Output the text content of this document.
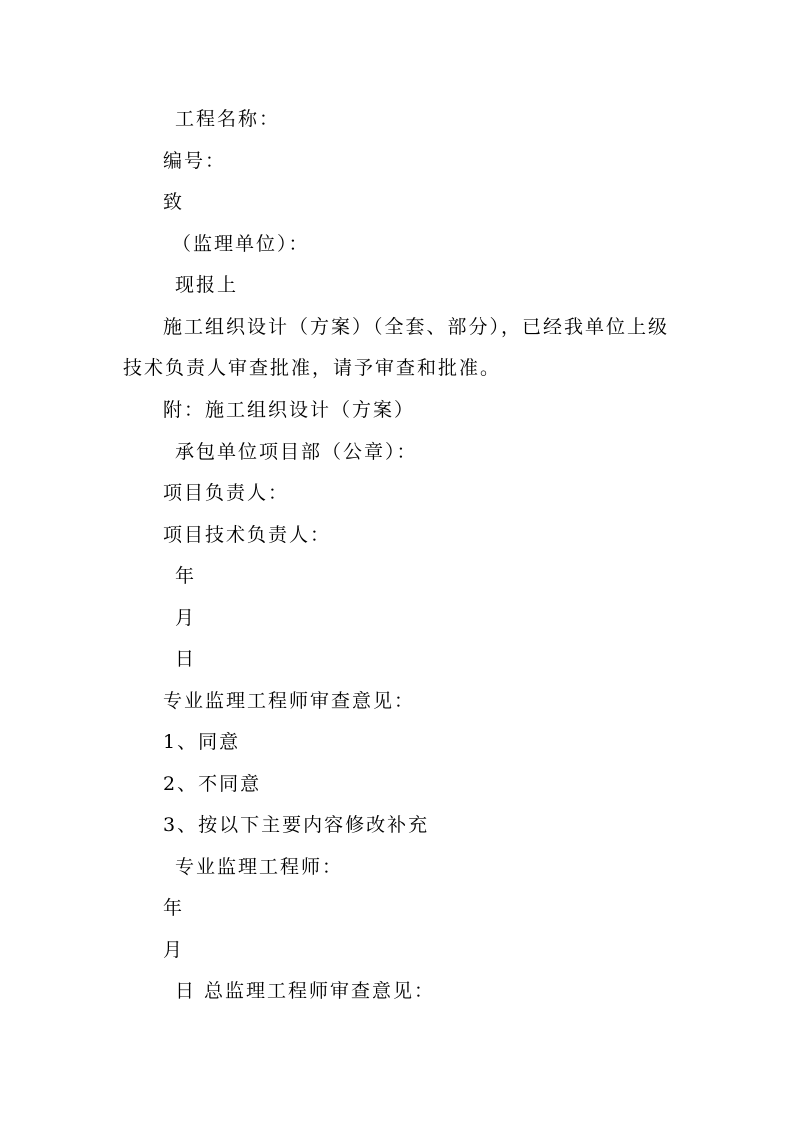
工程名称：
编号：
致
（监理单位）：
现报上
施工组织设计（方案）（全套、部分），已经我单位上级
技术负责人审查批准，请予审查和批准。
附：施工组织设计（方案）
承包单位项目部（公章）：
项目负责人：
项目技术负责人：
年
月
日
专业监理工程师审查意见：
1、同意
2、不同意
3、按以下主要内容修改补充
专业监理工程师：
年
月
日 总监理工程师审查意见：
